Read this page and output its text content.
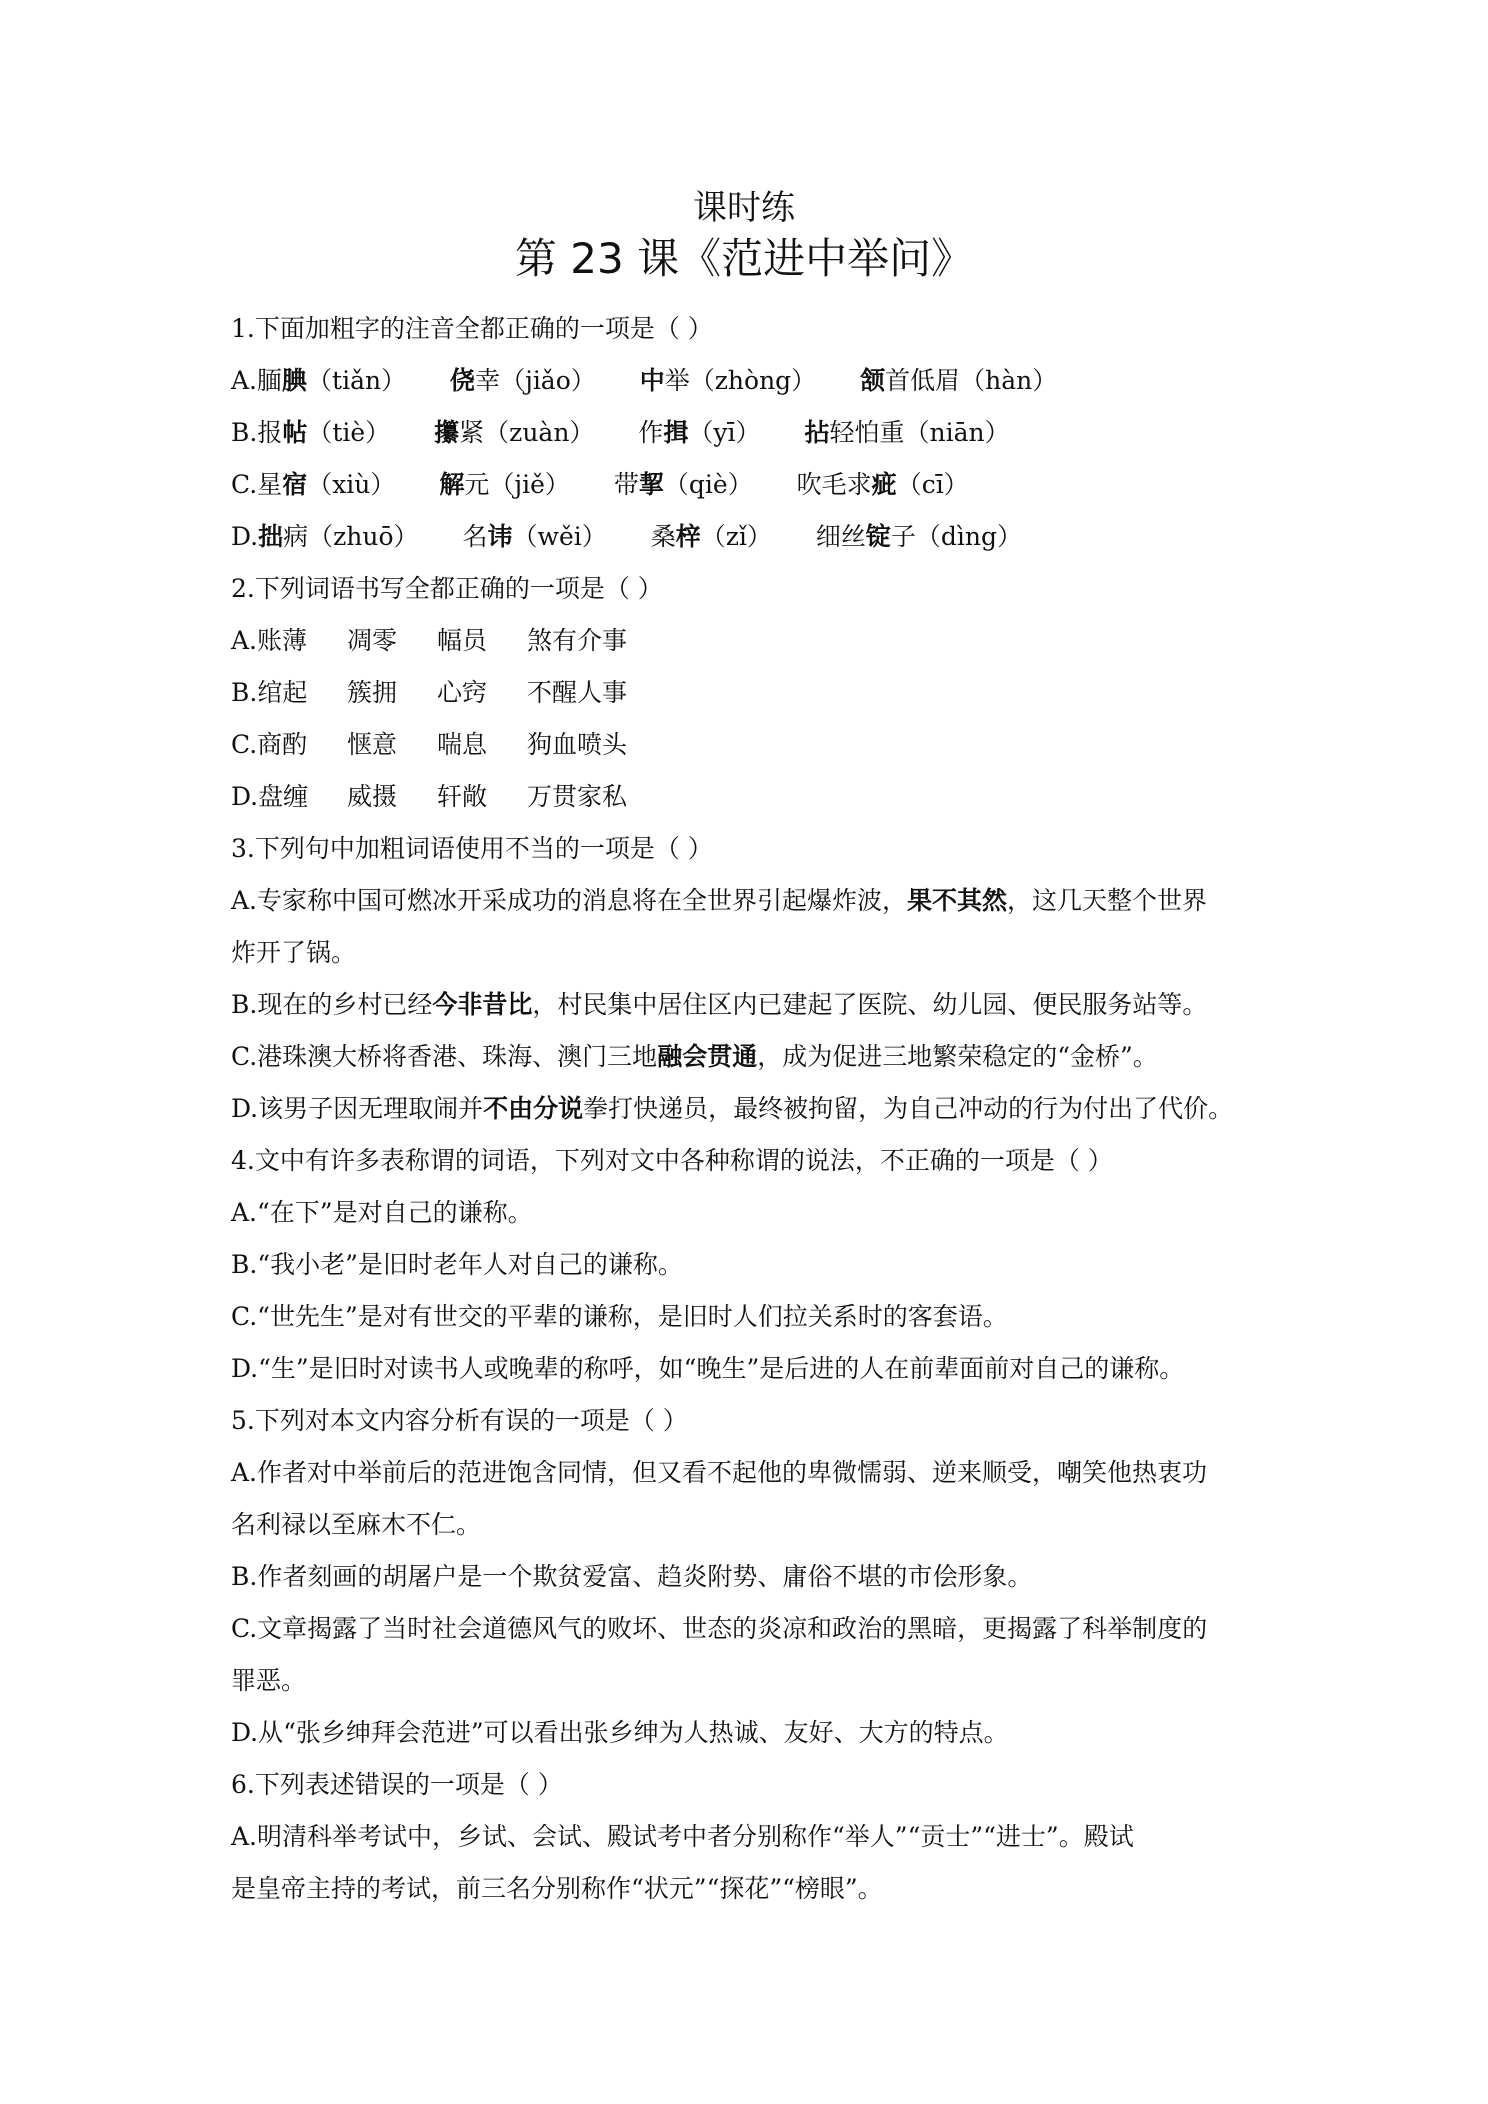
课时练
第 23 课《范进中举问》
1.下面加粗字的注音全都正确的一项是（ ）
A.腼腆（tiǎn） 侥幸（jiǎo） 中举（zhòng） 颔首低眉（hàn）
B.报帖（tiè） 攥紧（zuàn） 作揖（yī） 拈轻怕重（niān）
C.星宿（xiù） 解元（jiě） 带挈（qiè） 吹毛求疵（cī）
D.拙病（zhuō） 名讳（wěi） 桑梓（zǐ） 细丝锭子（dìng）
2.下列词语书写全都正确的一项是（ ）
A.账薄 凋零 幅员 煞有介事
B.绾起 簇拥 心窍 不醒人事
C.商酌 惬意 喘息 狗血喷头
D.盘缠 威摄 轩敞 万贯家私
3.下列句中加粗词语使用不当的一项是（ ）
A.专家称中国可燃冰开采成功的消息将在全世界引起爆炸波，果不其然，这几天整个世界
炸开了锅。
B.现在的乡村已经今非昔比，村民集中居住区内已建起了医院、幼儿园、便民服务站等。
C.港珠澳大桥将香港、珠海、澳门三地融会贯通，成为促进三地繁荣稳定的“金桥”。
D.该男子因无理取闹并不由分说拳打快递员，最终被拘留，为自己冲动的行为付出了代价。
4.文中有许多表称谓的词语，下列对文中各种称谓的说法，不正确的一项是（ ）
A.“在下”是对自己的谦称。
B.“我小老”是旧时老年人对自己的谦称。
C.“世先生”是对有世交的平辈的谦称，是旧时人们拉关系时的客套语。
D.“生”是旧时对读书人或晚辈的称呼，如“晚生”是后进的人在前辈面前对自己的谦称。
5.下列对本文内容分析有误的一项是（ ）
A.作者对中举前后的范进饱含同情，但又看不起他的卑微懦弱、逆来顺受，嘲笑他热衷功
名利禄以至麻木不仁。
B.作者刻画的胡屠户是一个欺贫爱富、趋炎附势、庸俗不堪的市侩形象。
C.文章揭露了当时社会道德风气的败坏、世态的炎凉和政治的黑暗，更揭露了科举制度的
罪恶。
D.从“张乡绅拜会范进”可以看出张乡绅为人热诚、友好、大方的特点。
6.下列表述错误的一项是（ ）
A.明清科举考试中，乡试、会试、殿试考中者分别称作“举人”“贡士”“进士”。殿试
是皇帝主持的考试，前三名分别称作“状元”“探花”“榜眼”。
